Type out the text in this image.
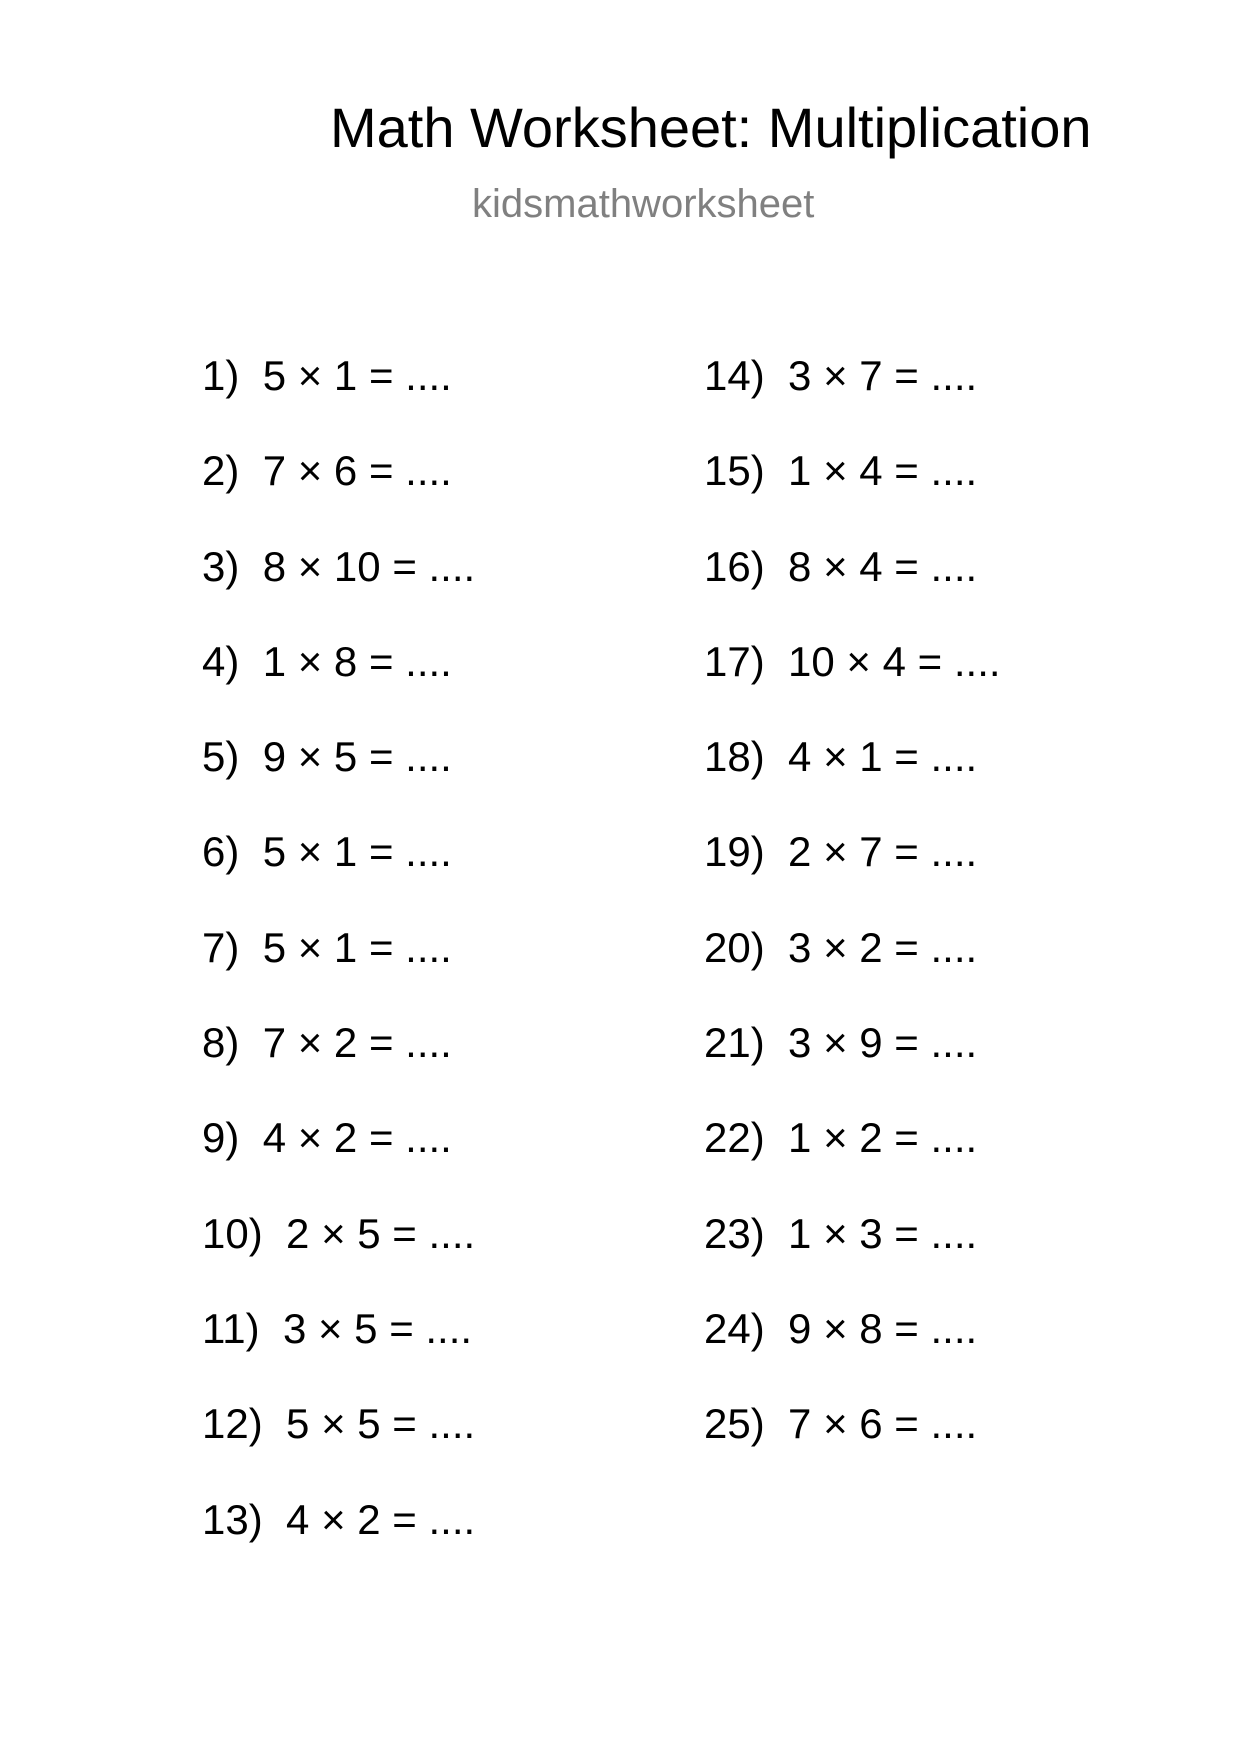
Math Worksheet: Multiplication
kidsmathworksheet
1) 5 × 1 = ....
2) 7 × 6 = ....
3) 8 × 10 = ....
4) 1 × 8 = ....
5) 9 × 5 = ....
6) 5 × 1 = ....
7) 5 × 1 = ....
8) 7 × 2 = ....
9) 4 × 2 = ....
10) 2 × 5 = ....
11) 3 × 5 = ....
12) 5 × 5 = ....
13) 4 × 2 = ....
14) 3 × 7 = ....
15) 1 × 4 = ....
16) 8 × 4 = ....
17) 10 × 4 = ....
18) 4 × 1 = ....
19) 2 × 7 = ....
20) 3 × 2 = ....
21) 3 × 9 = ....
22) 1 × 2 = ....
23) 1 × 3 = ....
24) 9 × 8 = ....
25) 7 × 6 = ....
